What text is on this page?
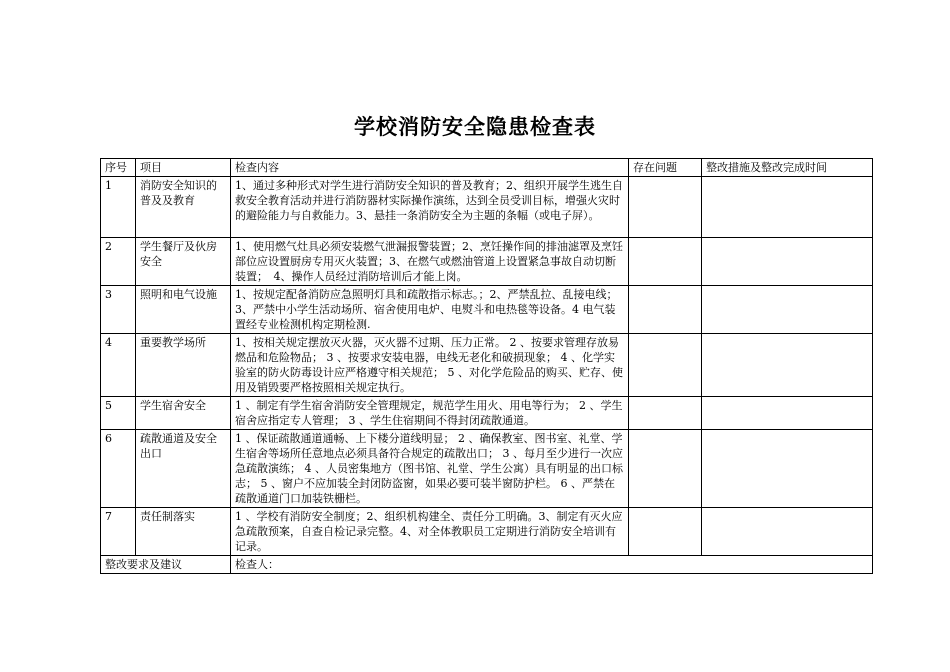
学校消防安全隐患检查表
序号	项目	检查内容	存在问题	整改措施及整改完成时间
1	消防安全知识的普及及教育	1、通过多种形式对学生进行消防安全知识的普及教育；2、组织开展学生逃生自救安全教育活动并进行消防器材实际操作演练，达到全员受训目标，增强火灾时的避险能力与自救能力。3、悬挂一条消防安全为主题的条幅（或电子屏）。		
2	学生餐厅及伙房安全	1、使用燃气灶具必须安装燃气泄漏报警装置；2、烹饪操作间的排油滤罩及烹饪部位应设置厨房专用灭火装置；3、在燃气或燃油管道上设置紧急事故自动切断装置；　4、操作人员经过消防培训后才能上岗。		
3	照明和电气设施	1、按规定配备消防应急照明灯具和疏散指示标志。；2、严禁乱拉、乱接电线；3、严禁中小学生活动场所、宿舍使用电炉、电熨斗和电热毯等设备。4 电气装置经专业检测机构定期检测.		
4	重要教学场所	1、按相关规定摆放灭火器，灭火器不过期、压力正常。 2 、按要求管理存放易燃品和危险物品； 3 、按要求安装电器，电线无老化和破损现象； 4 、化学实验室的防火防毒设计应严格遵守相关规范； 5 、对化学危险品的购买、贮存、使用及销毁要严格按照相关规定执行。		
5	学生宿舍安全	1 、制定有学生宿舍消防安全管理规定，规范学生用火、用电等行为； 2 、学生宿舍应指定专人管理； 3 、学生住宿期间不得封闭疏散通道。		
6	疏散通道及安全出口	1 、保证疏散通道通畅、上下楼分道线明显； 2 、确保教室、图书室、礼堂、学生宿舍等场所任意地点必须具备符合规定的疏散出口； 3 、每月至少进行一次应急疏散演练； 4 、人员密集地方（图书馆、礼堂、学生公寓）具有明显的出口标志； 5 、窗户不应加装全封闭防盗窗，如果必要可装半窗防护栏。 6 、严禁在疏散通道门口加装铁栅栏。		
7	责任制落实	1 、学校有消防安全制度；2、组织机构建全、责任分工明确。3、制定有灭火应急疏散预案，自查自检记录完整。4、对全体教职员工定期进行消防安全培训有记录。		
整改要求及建议		检查人：		
